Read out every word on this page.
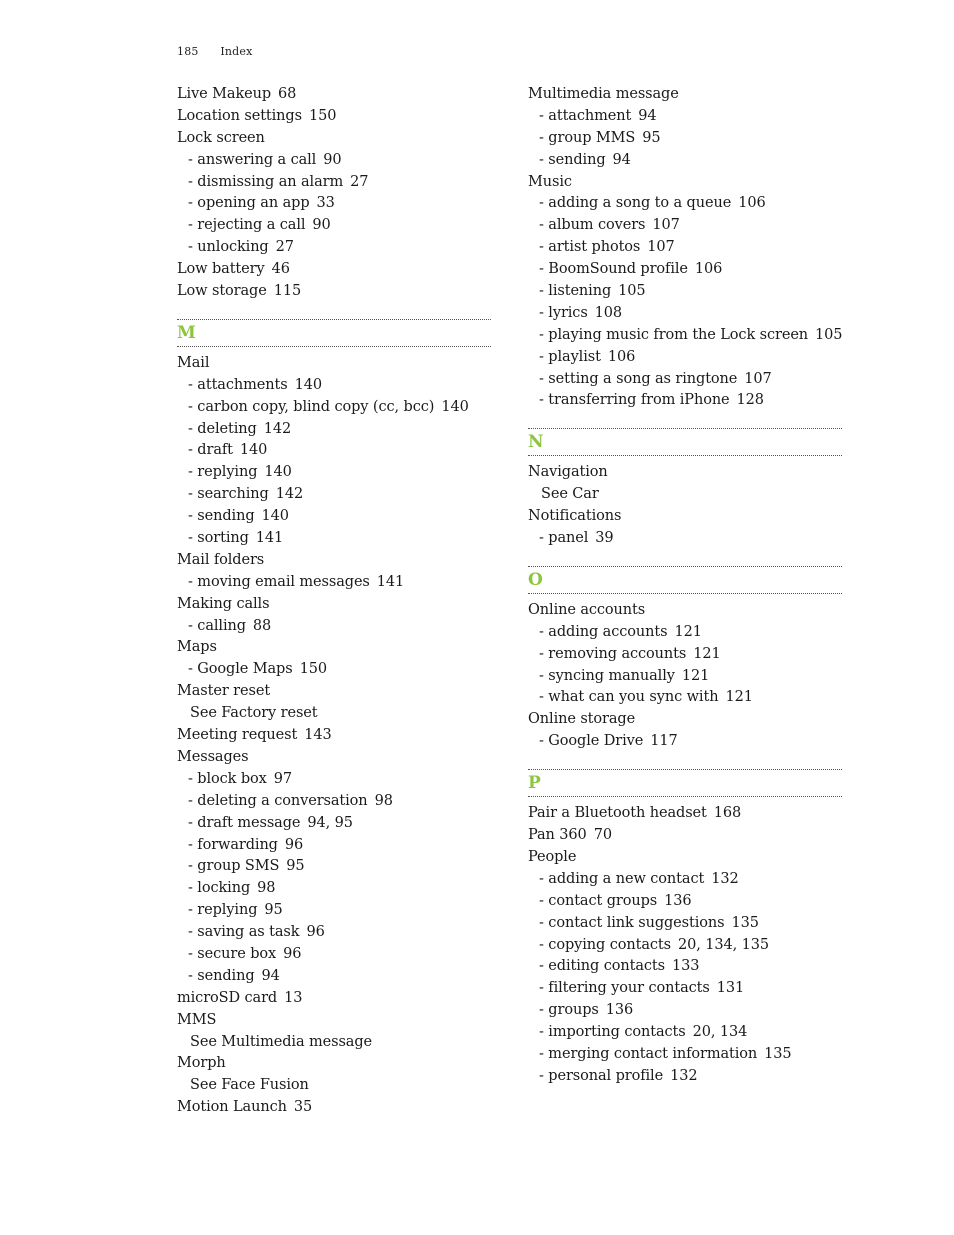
185 Index
Live Makeup 68
Location settings 150
Lock screen
- answering a call 90
- dismissing an alarm 27
- opening an app 33
- rejecting a call 90
- unlocking 27
Low battery 46
Low storage 115
M
Mail
- attachments 140
- carbon copy, blind copy (cc, bcc) 140
- deleting 142
- draft 140
- replying 140
- searching 142
- sending 140
- sorting 141
Mail folders
- moving email messages 141
Making calls
- calling 88
Maps
- Google Maps 150
Master reset
See Factory reset
Meeting request 143
Messages
- block box 97
- deleting a conversation 98
- draft message 94, 95
- forwarding 96
- group SMS 95
- locking 98
- replying 95
- saving as task 96
- secure box 96
- sending 94
microSD card 13
MMS
See Multimedia message
Morph
See Face Fusion
Motion Launch 35
Multimedia message
- attachment 94
- group MMS 95
- sending 94
Music
- adding a song to a queue 106
- album covers 107
- artist photos 107
- BoomSound profile 106
- listening 105
- lyrics 108
- playing music from the Lock screen 105
- playlist 106
- setting a song as ringtone 107
- transferring from iPhone 128
N
Navigation
See Car
Notifications
- panel 39
O
Online accounts
- adding accounts 121
- removing accounts 121
- syncing manually 121
- what can you sync with 121
Online storage
- Google Drive 117
P
Pair a Bluetooth headset 168
Pan 360 70
People
- adding a new contact 132
- contact groups 136
- contact link suggestions 135
- copying contacts 20, 134, 135
- editing contacts 133
- filtering your contacts 131
- groups 136
- importing contacts 20, 134
- merging contact information 135
- personal profile 132
